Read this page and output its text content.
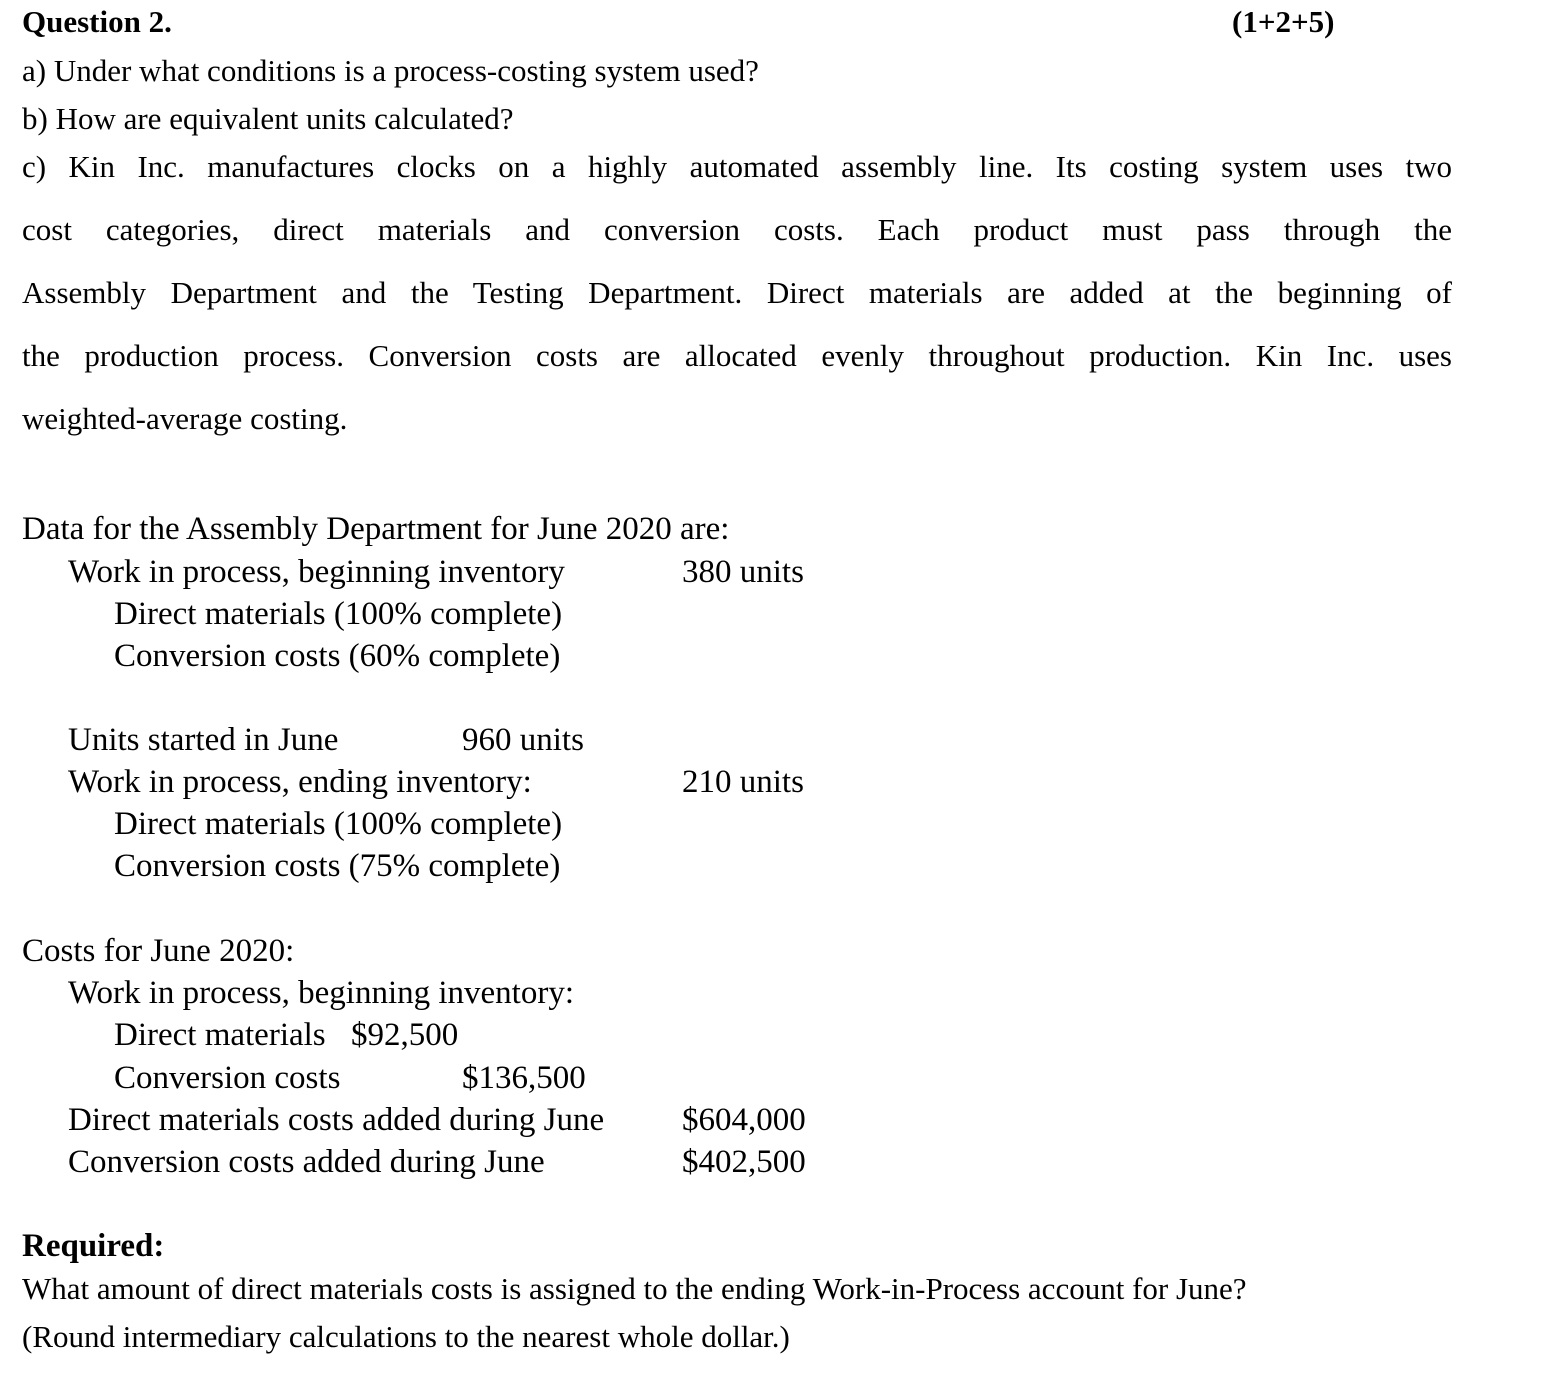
Question 2.	(1+2+5)
a) Under what conditions is a process-costing system used?
b) How are equivalent units calculated?
c) Kin Inc. manufactures clocks on a highly automated assembly line. Its costing system uses two
cost categories, direct materials and conversion costs. Each product must pass through the
Assembly Department and the Testing Department. Direct materials are added at the beginning of
the production process. Conversion costs are allocated evenly throughout production. Kin Inc. uses
weighted-average costing.
Data for the Assembly Department for June 2020 are:
Work in process, beginning inventory	380 units
Direct materials (100% complete)
Conversion costs (60% complete)
Units started in June	960 units
Work in process, ending inventory:	210 units
Direct materials (100% complete)
Conversion costs (75% complete)
Costs for June 2020:
Work in process, beginning inventory:
Direct materials $92,500
Conversion costs	$136,500
Direct materials costs added during June $604,000
Conversion costs added during June	$402,500
Required:
What amount of direct materials costs is assigned to the ending Work-in-Process account for June?
(Round intermediary calculations to the nearest whole dollar.)
